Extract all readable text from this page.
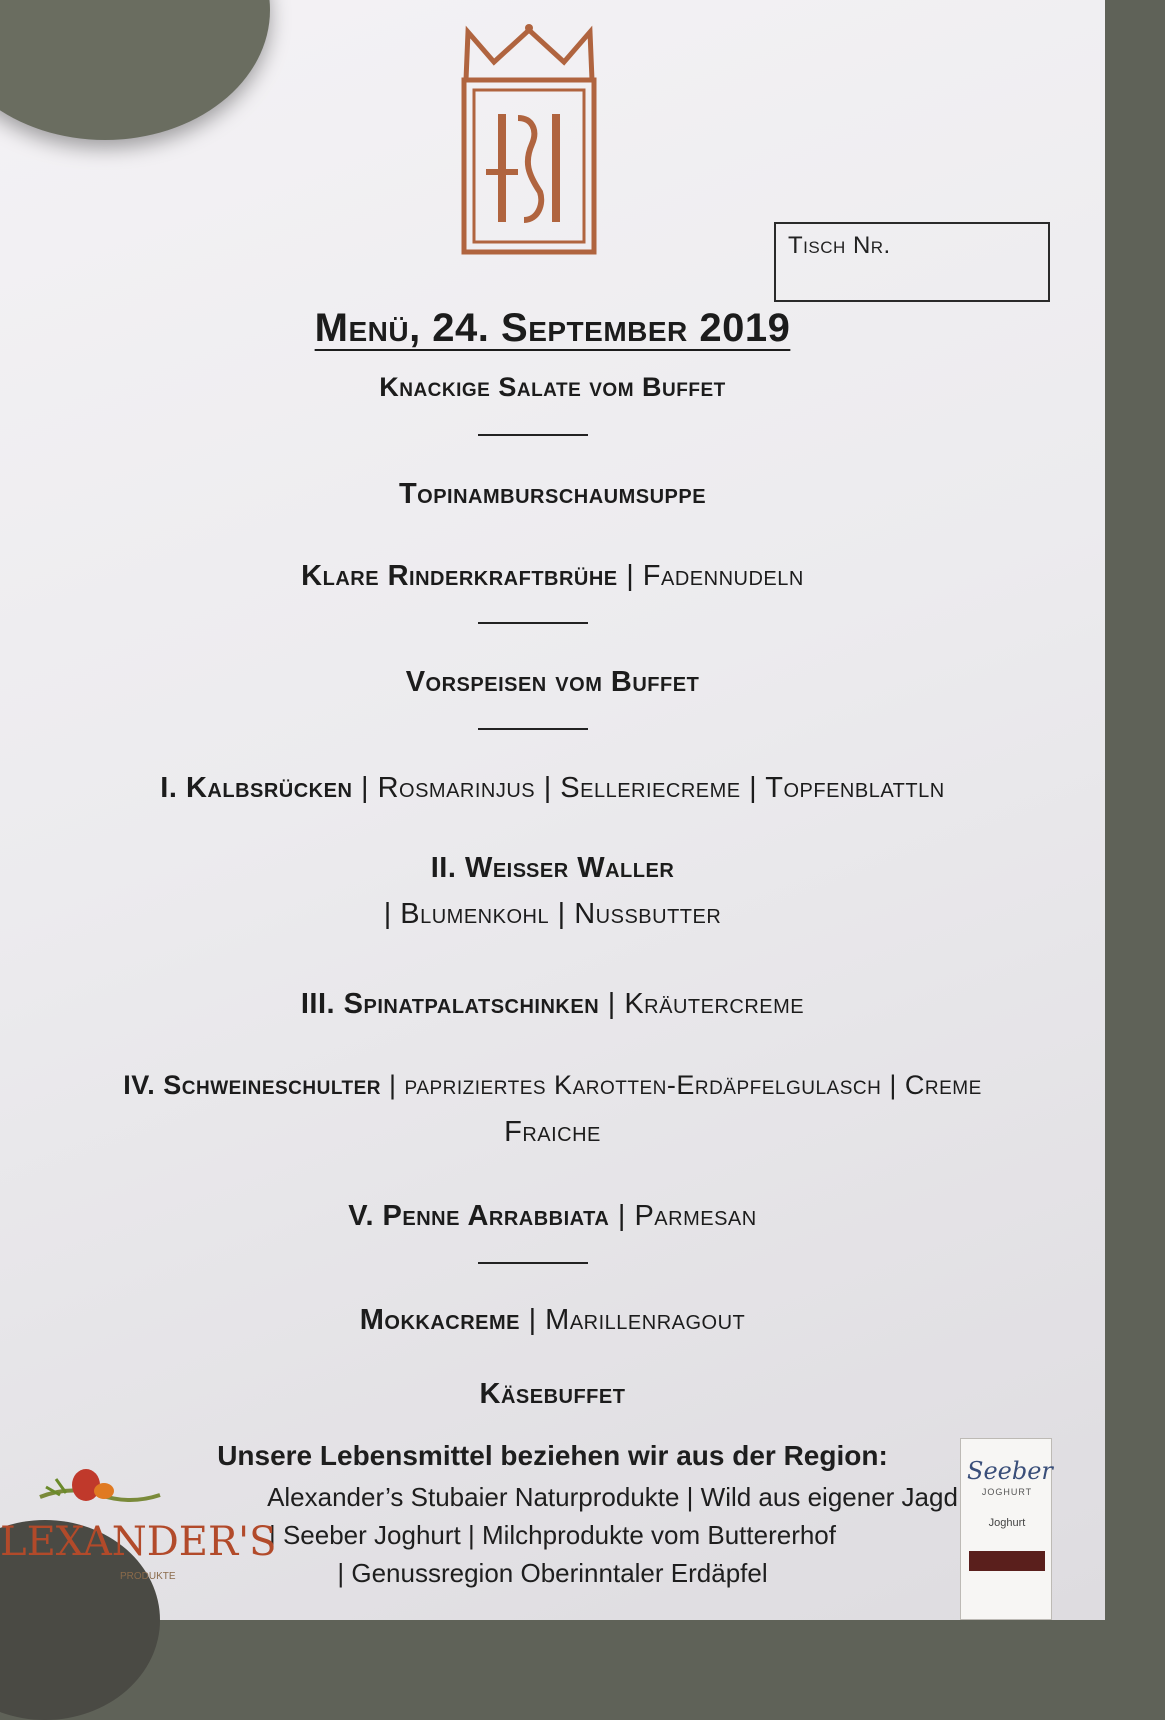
Tisch Nr.
Menü, 24. September 2019
Knackige Salate vom Buffet
Topinamburschaumsuppe
Klare Rinderkraftbrühe | Fadennudeln
Vorspeisen vom Buffet
I. Kalbsrücken | Rosmarinjus | Selleriecreme | Topfenblattln
II. Weißer Waller
| Blumenkohl | Nussbutter
III. Spinatpalatschinken | Kräutercreme
IV. Schweineschulter | papriziertes Karotten-Erdäpfelgulasch | Creme
Fraiche
V. Penne Arrabbiata | Parmesan
Mokkacreme | Marillenragout
Käsebuffet
Unsere Lebensmittel beziehen wir aus der Region:
Alexander’s Stubaier Naturprodukte | Wild aus eigener Jagd
| Seeber Joghurt | Milchprodukte vom Buttererhof
| Genussregion Oberinntaler Erdäpfel
LEXANDER'S
PRODUKTE
Seeber
JOGHURT
Joghurt
